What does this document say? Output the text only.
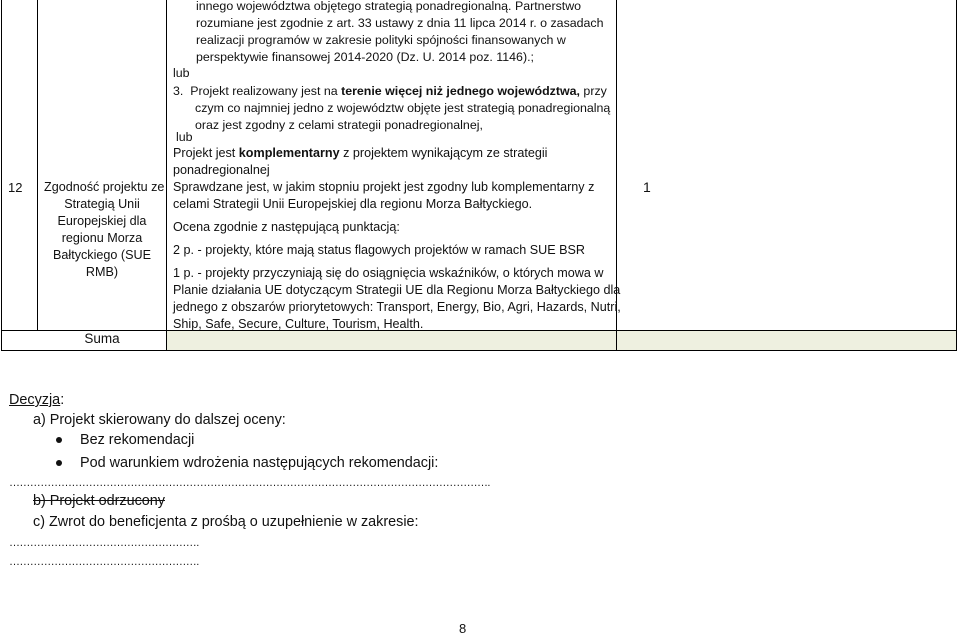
innego województwa objętego strategią ponadregionalną. Partnerstwo
rozumiane jest zgodnie z art. 33 ustawy z dnia 11 lipca 2014 r. o zasadach
realizacji programów w zakresie polityki spójności finansowanych w
perspektywie finansowej 2014-2020 (Dz. U. 2014 poz. 1146).;
lub
3. Projekt realizowany jest na terenie więcej niż jednego województwa, przy
czym co najmniej jedno z województw objęte jest strategią ponadregionalną
oraz jest zgodny z celami strategii ponadregionalnej,
lub
Projekt jest komplementarny z projektem wynikającym ze strategii
ponadregionalnej
12 Zgodność projektu ze
Strategią Unii
Europejskiej dla
regionu Morza
Bałtyckiego (SUE
RMB)
Sprawdzane jest, w jakim stopniu projekt jest zgodny lub komplementarny z
celami Strategii Unii Europejskiej dla regionu Morza Bałtyckiego.
Ocena zgodnie z następującą punktacją:
2 p. - projekty, które mają status flagowych projektów w ramach SUE BSR
1 p. - projekty przyczyniają się do osiągnięcia wskaźników, o których mowa w
Planie działania UE dotyczącym Strategii UE dla Regionu Morza Bałtyckiego dla
jednego z obszarów priorytetowych: Transport, Energy, Bio, Agri, Hazards, Nutri,
Ship, Safe, Secure, Culture, Tourism, Health.
1
Suma
Decyzja:
a) Projekt skierowany do dalszej oceny:
Bez rekomendacji
Pod warunkiem wdrożenia następujących rekomendacji:
………………………………………………………………………………………………………………………….
b) Projekt odrzucony
c) Zwrot do beneficjenta z prośbą o uzupełnienie w zakresie:
……………………………………………….
……………………………………………….
8
